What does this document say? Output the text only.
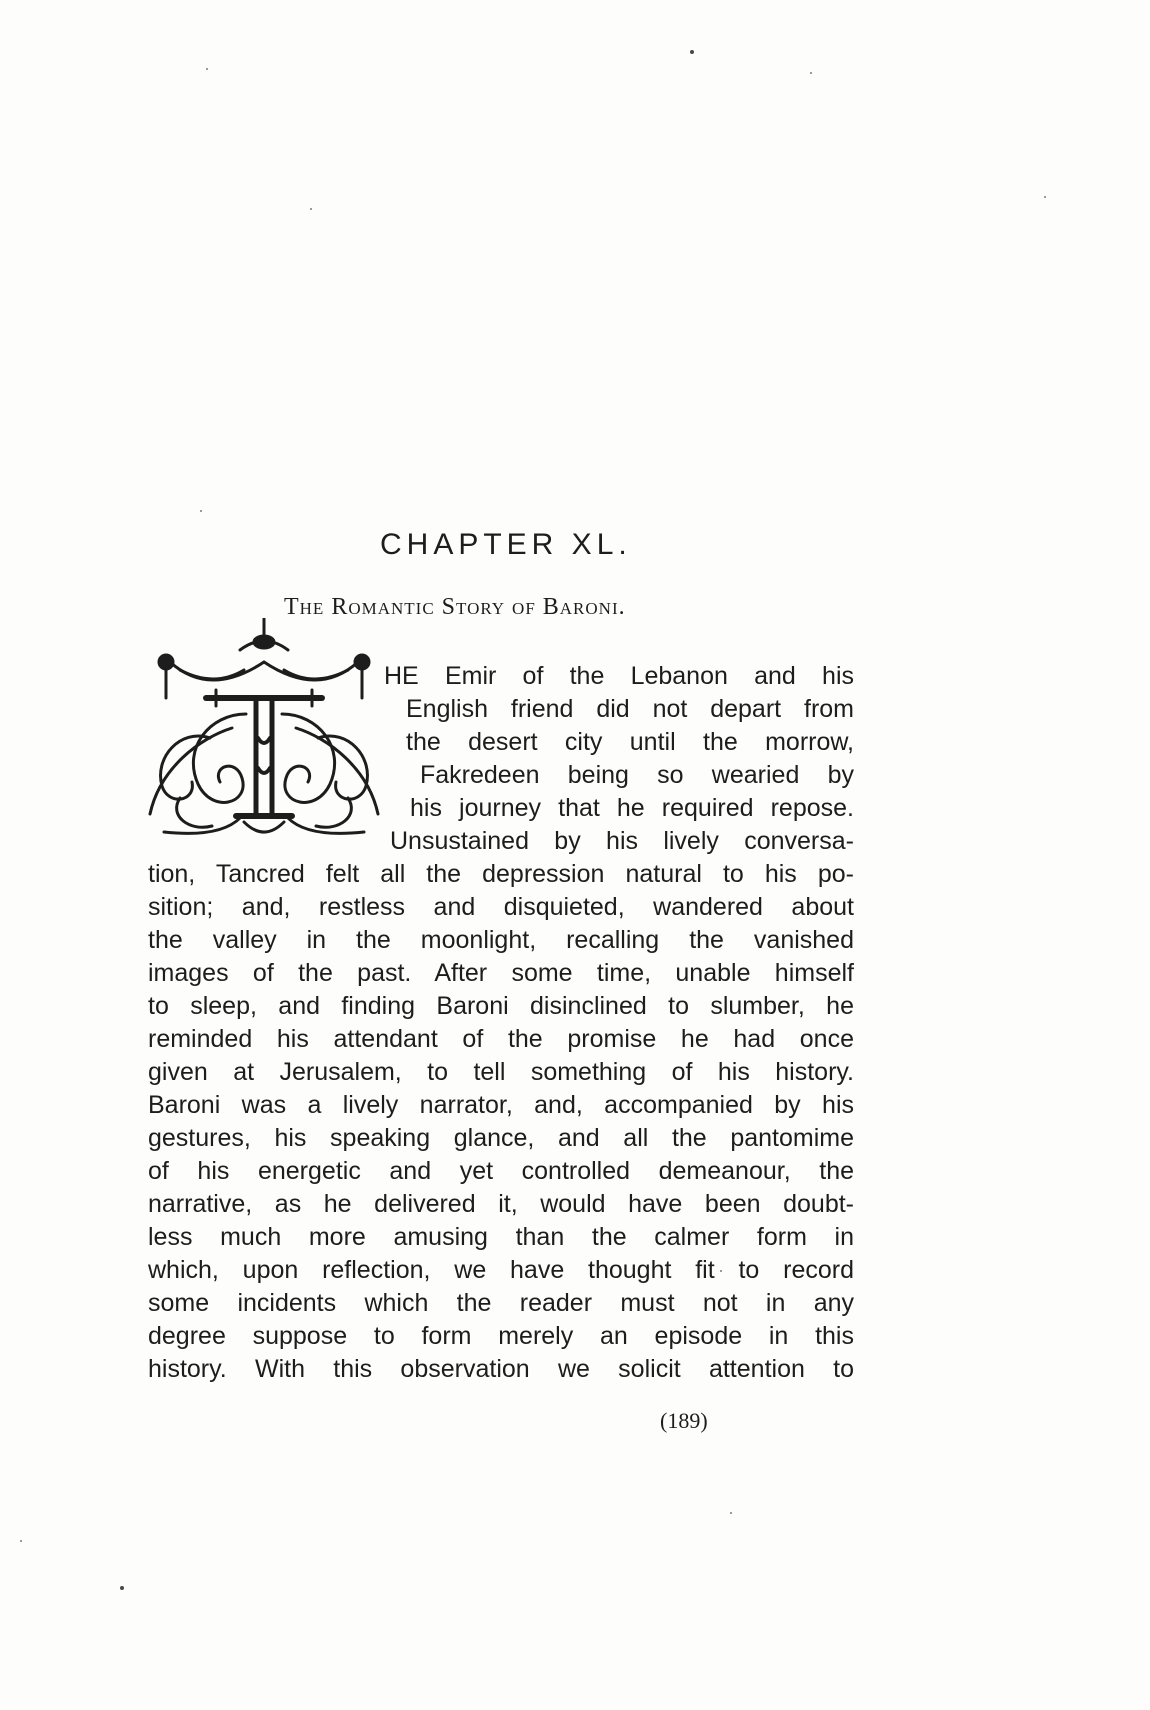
CHAPTER XL.
The Romantic Story of Baroni.
HE Emir of the Lebanon and his
English friend did not depart from
the desert city until the morrow,
Fakredeen being so wearied by
his journey that he required repose.
Unsustained by his lively conversa-
tion, Tancred felt all the depression natural to his po-
sition; and, restless and disquieted, wandered about
the valley in the moonlight, recalling the vanished
images of the past. After some time, unable himself
to sleep, and finding Baroni disinclined to slumber, he
reminded his attendant of the promise he had once
given at Jerusalem, to tell something of his history.
Baroni was a lively narrator, and, accompanied by his
gestures, his speaking glance, and all the pantomime
of his energetic and yet controlled demeanour, the
narrative, as he delivered it, would have been doubt-
less much more amusing than the calmer form in
which, upon reflection, we have thought fit to record
some incidents which the reader must not in any
degree suppose to form merely an episode in this
history. With this observation we solicit attention to
(189)
